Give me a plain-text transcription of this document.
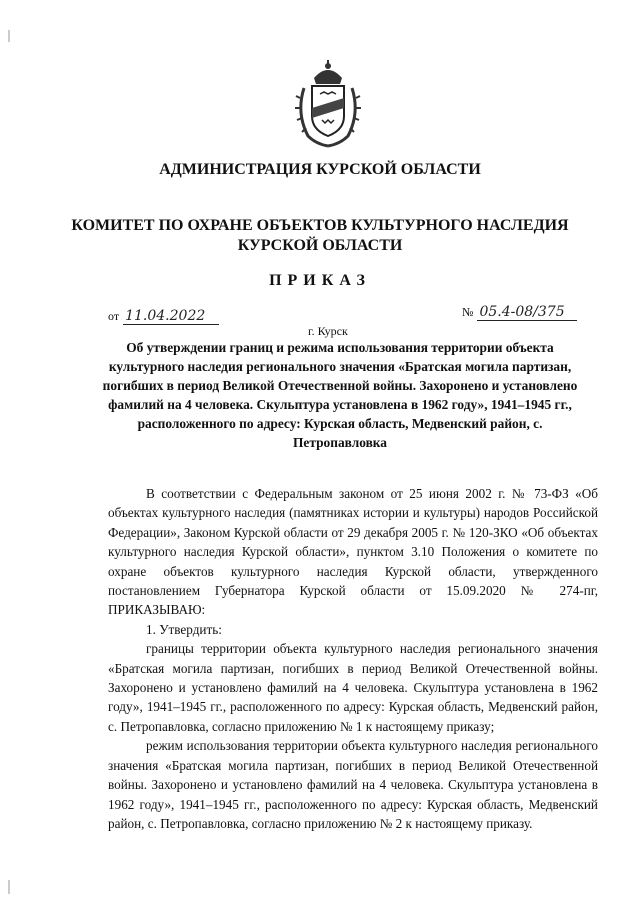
АДМИНИСТРАЦИЯ КУРСКОЙ ОБЛАСТИ
КОМИТЕТ ПО ОХРАНЕ ОБЪЕКТОВ КУЛЬТУРНОГО НАСЛЕДИЯ
КУРСКОЙ ОБЛАСТИ
ПРИКАЗ
от 11.04.2022	№ 05.4-08/375
г. Курск
Об утверждении границ и режима использования территории объекта культурного наследия регионального значения «Братская могила партизан, погибших в период Великой Отечественной войны. Захоронено и установлено фамилий на 4 человека. Скульптура установлена в 1962 году», 1941–1945 гг., расположенного по адресу: Курская область, Медвенский район, с. Петропавловка

В соответствии с Федеральным законом от 25 июня 2002 г. № 73-ФЗ «Об объектах культурного наследия (памятниках истории и культуры) народов Российской Федерации», Законом Курской области от 29 декабря 2005 г. № 120-ЗКО «Об объектах культурного наследия Курской области», пунктом 3.10 Положения о комитете по охране объектов культурного наследия Курской области, утвержденного постановлением Губернатора Курской области от 15.09.2020 № 274-пг, ПРИКАЗЫВАЮ:

1. Утвердить:

границы территории объекта культурного наследия регионального значения «Братская могила партизан, погибших в период Великой Отечественной войны. Захоронено и установлено фамилий на 4 человека. Скульптура установлена в 1962 году», 1941–1945 гг., расположенного по адресу: Курская область, Медвенский район, с. Петропавловка, согласно приложению № 1 к настоящему приказу;

режим использования территории объекта культурного наследия регионального значения «Братская могила партизан, погибших в период Великой Отечественной войны. Захоронено и установлено фамилий на 4 человека. Скульптура установлена в 1962 году», 1941–1945 гг., расположенного по адресу: Курская область, Медвенский район, с. Петропавловка, согласно приложению № 2 к настоящему приказу.
